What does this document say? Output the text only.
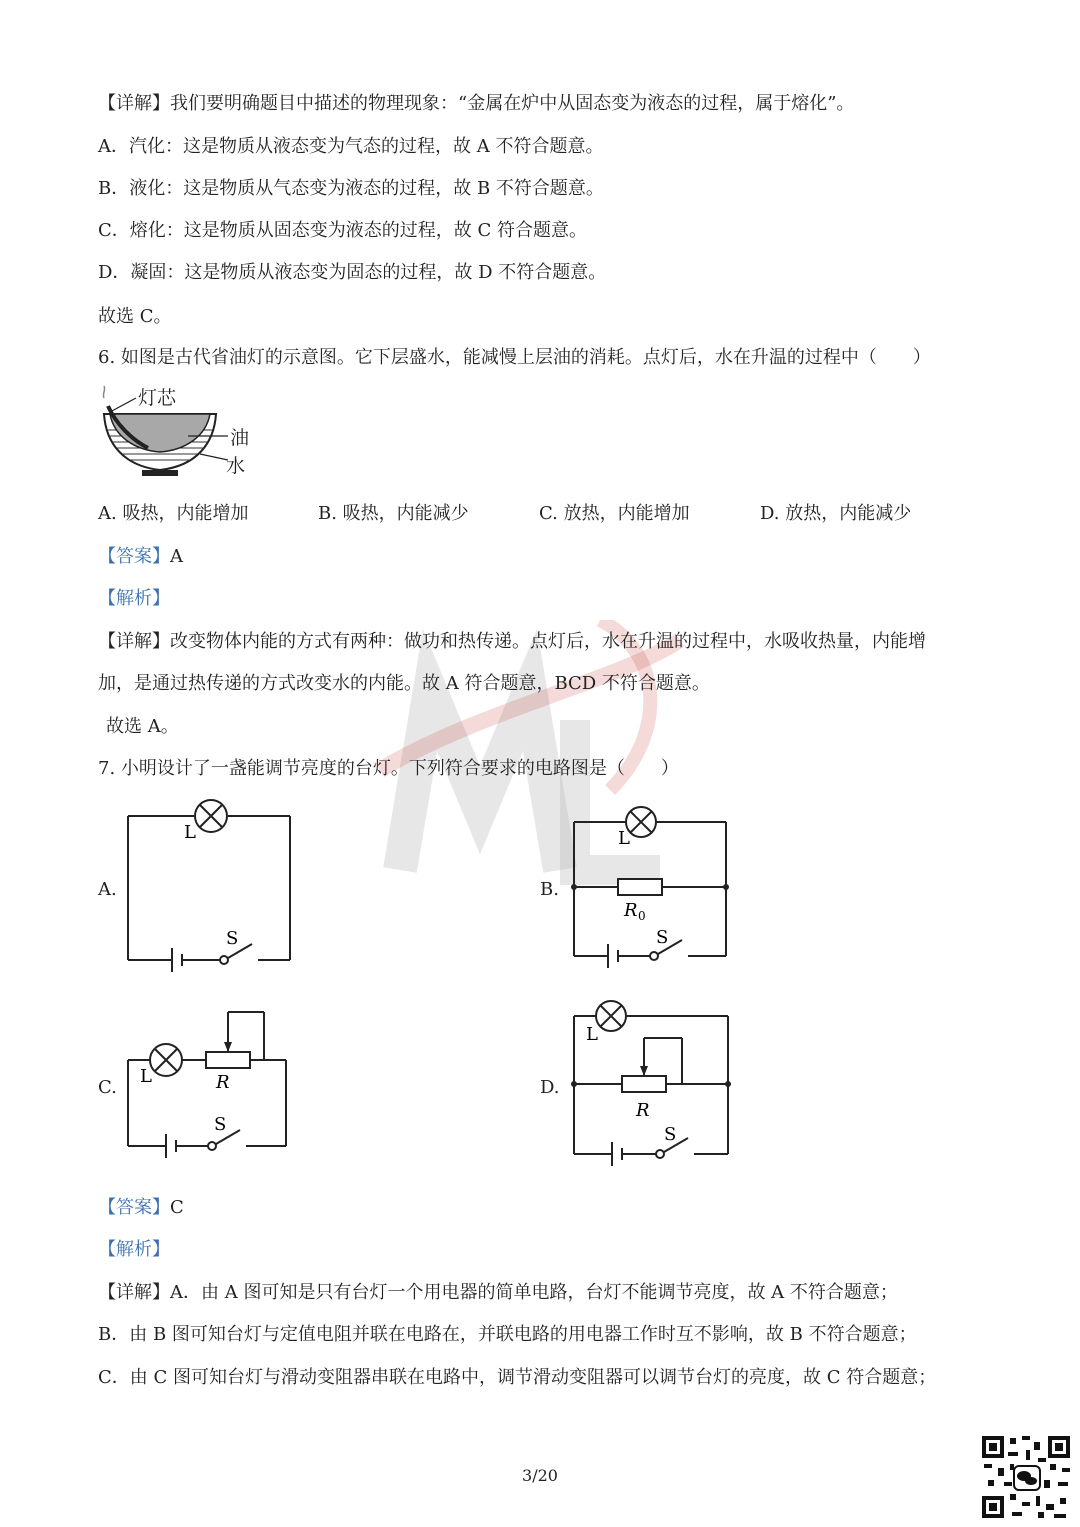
【详解】我们要明确题目中描述的物理现象：“金属在炉中从固态变为液态的过程，属于熔化”。
A．汽化：这是物质从液态变为气态的过程，故 A 不符合题意。
B．液化：这是物质从气态变为液态的过程，故 B 不符合题意。
C．熔化：这是物质从固态变为液态的过程，故 C 符合题意。
D．凝固：这是物质从液态变为固态的过程，故 D 不符合题意。
故选 C。
6. 如图是古代省油灯的示意图。它下层盛水，能减慢上层油的消耗。点灯后，水在升温的过程中（　　）
灯芯
油
水
A. 吸热，内能增加	B. 吸热，内能减少	C. 放热，内能增加	D. 放热，内能减少
【答案】A
【解析】
【详解】改变物体内能的方式有两种：做功和热传递。点灯后，水在升温的过程中，水吸收热量，内能增
加，是通过热传递的方式改变水的内能。故 A 符合题意，BCD 不符合题意。
故选 A。
7. 小明设计了一盏能调节亮度的台灯。下列符合要求的电路图是（　　）
A.
L
S
B.
L
R 0
S
C.
L	R
S
D.
L
R
S
【答案】C
【解析】
【详解】A．由 A 图可知是只有台灯一个用电器的简单电路，台灯不能调节亮度，故 A 不符合题意；
B．由 B 图可知台灯与定值电阻并联在电路在，并联电路的用电器工作时互不影响，故 B 不符合题意；
C．由 C 图可知台灯与滑动变阻器串联在电路中，调节滑动变阻器可以调节台灯的亮度，故 C 符合题意；
3/20
